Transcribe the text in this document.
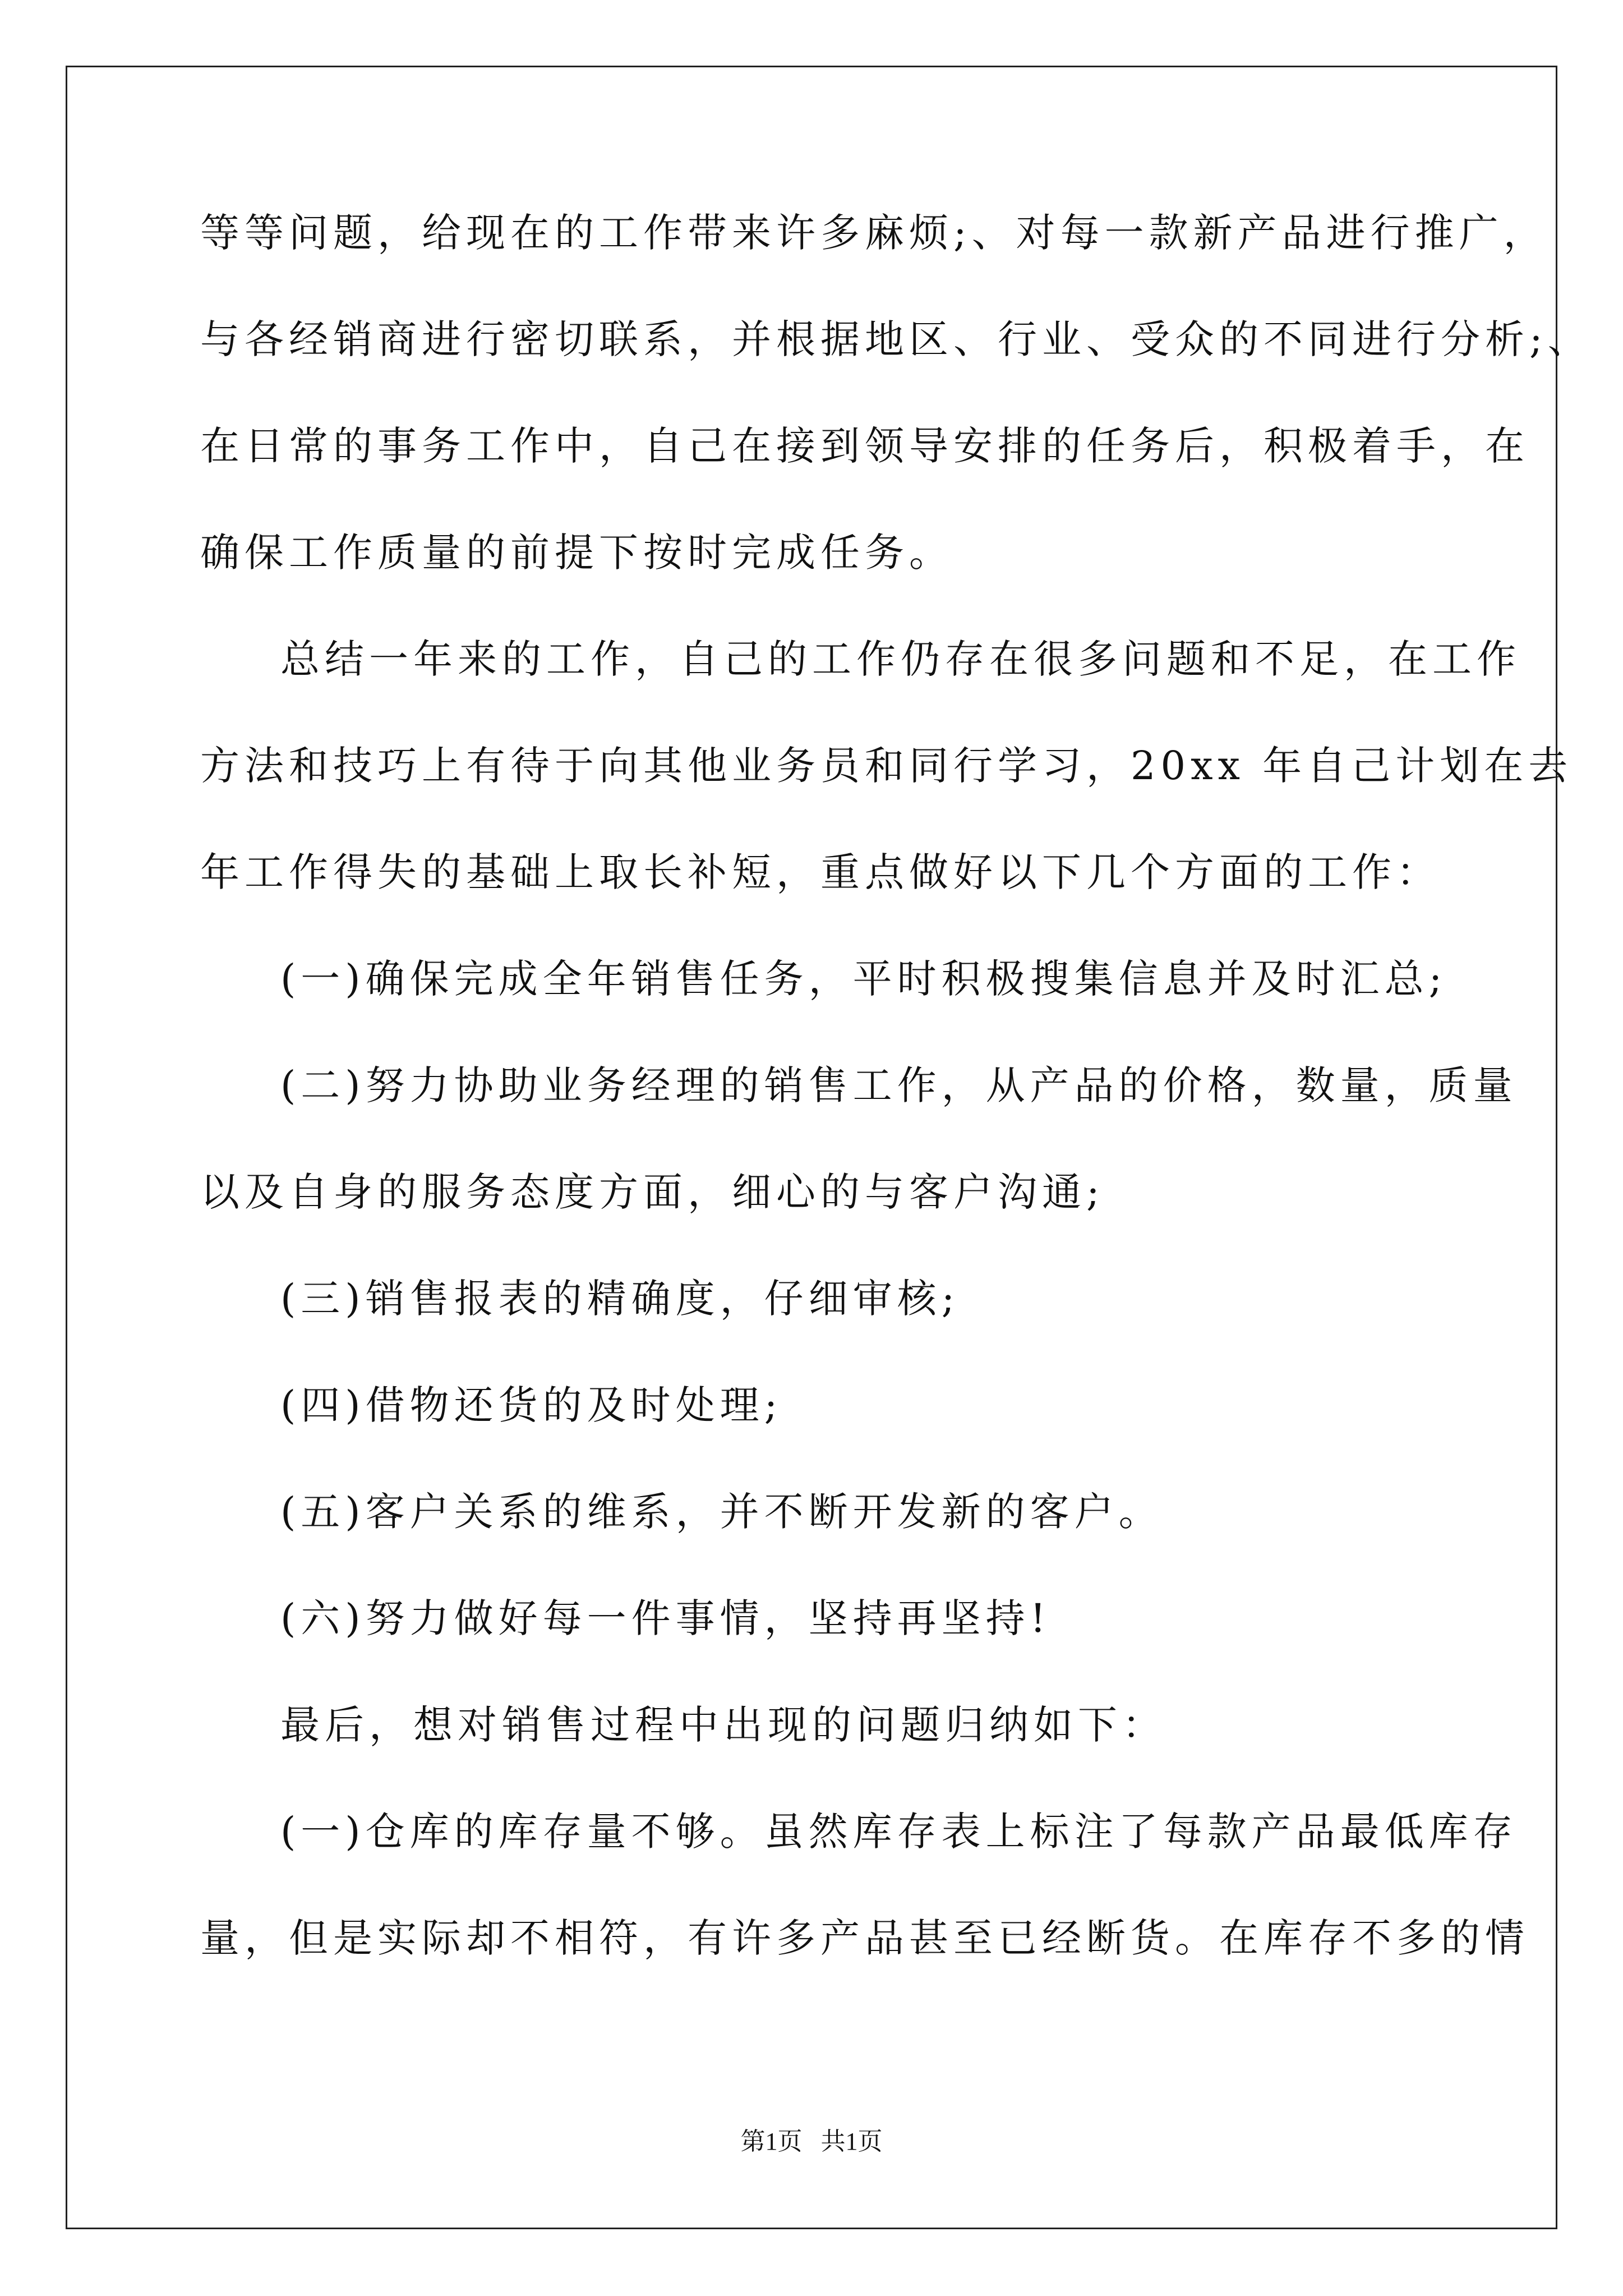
等等问题，给现在的工作带来许多麻烦;、对每一款新产品进行推广，
与各经销商进行密切联系，并根据地区、行业、受众的不同进行分析;、
在日常的事务工作中，自己在接到领导安排的任务后，积极着手，在
确保工作质量的前提下按时完成任务。
总结一年来的工作，自己的工作仍存在很多问题和不足，在工作
方法和技巧上有待于向其他业务员和同行学习，20xx 年自己计划在去
年工作得失的基础上取长补短，重点做好以下几个方面的工作：
(一)确保完成全年销售任务，平时积极搜集信息并及时汇总;
(二)努力协助业务经理的销售工作，从产品的价格，数量，质量
以及自身的服务态度方面，细心的与客户沟通;
(三)销售报表的精确度，仔细审核;
(四)借物还货的及时处理;
(五)客户关系的维系，并不断开发新的客户。
(六)努力做好每一件事情，坚持再坚持!
最后，想对销售过程中出现的问题归纳如下：
(一)仓库的库存量不够。虽然库存表上标注了每款产品最低库存
量，但是实际却不相符，有许多产品甚至已经断货。在库存不多的情
第1页   共1页
